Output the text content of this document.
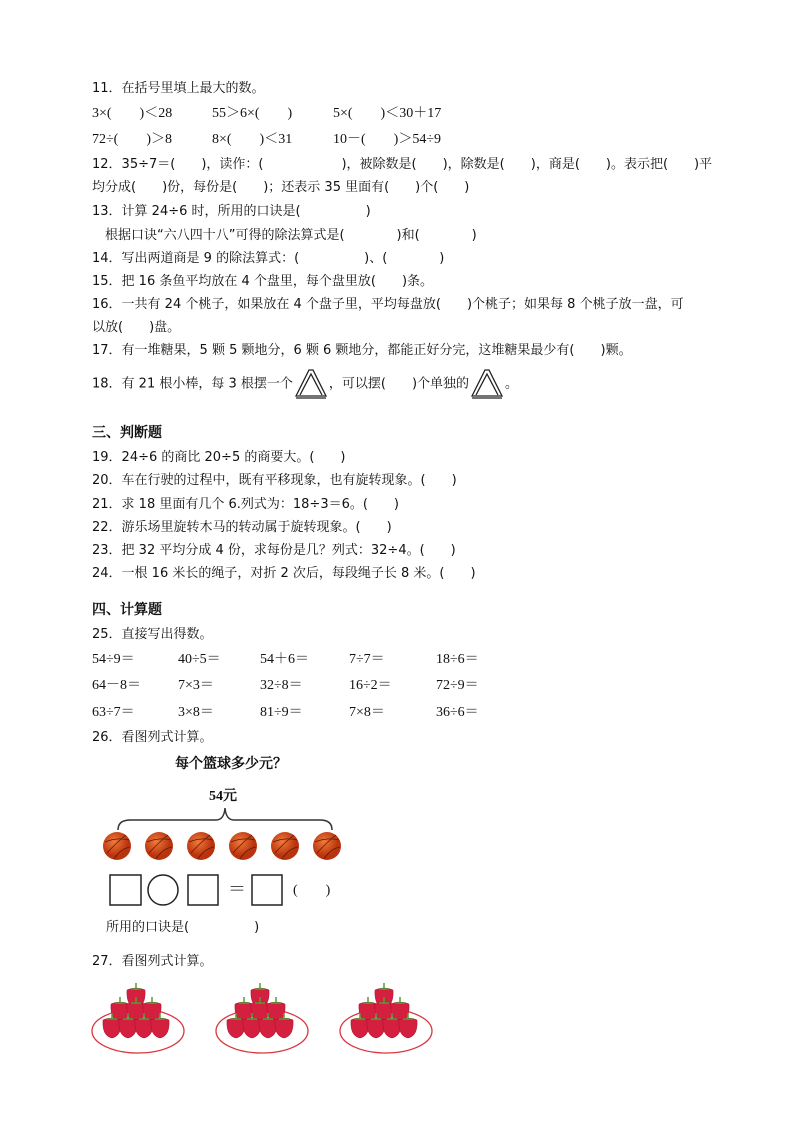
11．在括号里填上最大的数。
3×(　　)＜28	55＞6×(　　)	5×(　　)＜30＋17
72÷(　　)＞8	8×(　　)＜31	10－(　　)＞54÷9
12．35÷7＝(　　)，读作：(　　　　　　)，被除数是(　　)，除数是(　　)，商是(　　)。表示把(　　)平
均分成(　　)份，每份是(　　)；还表示 35 里面有(　　)个(　　)
13．计算 24÷6 时，所用的口诀是(　　　　　)
　根据口诀“六八四十八”可得的除法算式是(　　　　)和(　　　　)
14．写出两道商是 9 的除法算式：(　　　　　)、(　　　　)
15．把 16 条鱼平均放在 4 个盘里，每个盘里放(　　)条。
16．一共有 24 个桃子，如果放在 4 个盘子里，平均每盘放(　　)个桃子；如果每 8 个桃子放一盘，可
以放(　　)盘。
17．有一堆糖果，5 颗 5 颗地分，6 颗 6 颗地分，都能正好分完，这堆糖果最少有(　　)颗。
18．有 21 根小棒，每 3 根摆一个	，可以摆(　　)个单独的	。
三、判断题
19．24÷6 的商比 20÷5 的商要大。(　　)
20．车在行驶的过程中，既有平移现象，也有旋转现象。(　　)
21．求 18 里面有几个 6.列式为：18÷3＝6。(　　)
22．游乐场里旋转木马的转动属于旋转现象。(　　)
23．把 32 平均分成 4 份，求每份是几？列式：32÷4。(　　)
24．一根 16 米长的绳子，对折 2 次后，每段绳子长 8 米。(　　)
四、计算题
25．直接写出得数。
54÷9＝	40÷5＝	54＋6＝	7÷7＝	18÷6＝
64－8＝	7×3＝	32÷8＝	16÷2＝	72÷9＝
63÷7＝	3×8＝	81÷9＝	7×8＝	36÷6＝
26．看图列式计算。
每个篮球多少元？
54元
＝	(　　)
所用的口诀是(　　　　　)
27．看图列式计算。
